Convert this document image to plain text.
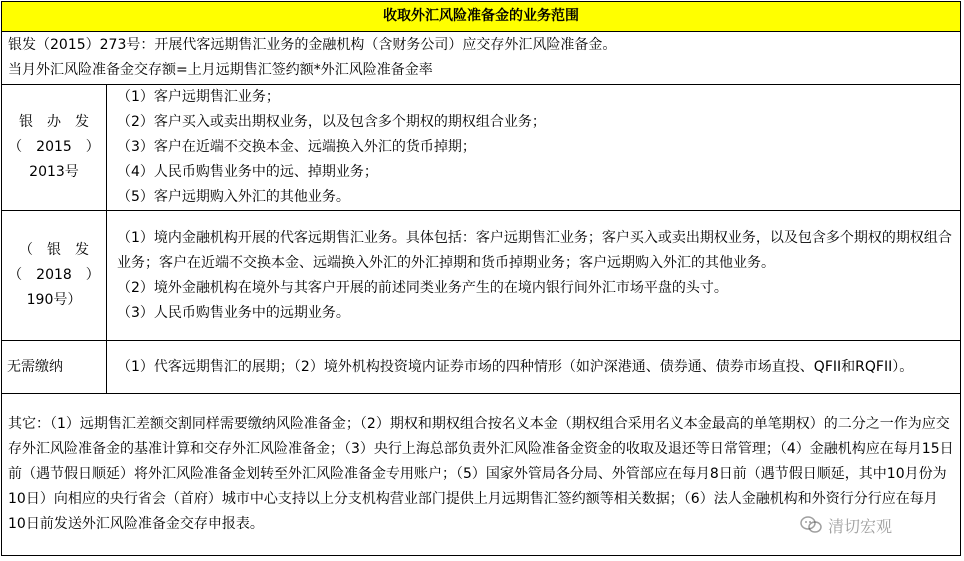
收取外汇风险准备金的业务范围	

银发（2015）273号：开展代客远期售汇业务的金融机构（含财务公司）应交存外汇风险准备金。
当月外汇风险准备金交存额=上月远期售汇签约额*外汇风险准备金率	

银　办　发
（　2015　）
2013号	（1）客户远期售汇业务；
（2）客户买入或卖出期权业务，以及包含多个期权的期权组合业务；
（3）客户在近端不交换本金、远端换入外汇的货币掉期；
（4）人民币购售业务中的远、掉期业务；
（5）客户远期购入外汇的其他业务。

（　银　发
（　2018　）
190号）	（1）境内金融机构开展的代客远期售汇业务。具体包括：客户远期售汇业务；客户买入或卖出期权业务，以及包含多个期权的期权组合业务；客户在近端不交换本金、远端换入外汇的外汇掉期和货币掉期业务；客户远期购入外汇的其他业务。
（2）境外金融机构在境外与其客户开展的前述同类业务产生的在境内银行间外汇市场平盘的头寸。
（3）人民币购售业务中的远期业务。

无需缴纳	（1）代客远期售汇的展期；（2）境外机构投资境内证券市场的四种情形（如沪深港通、债券通、债券市场直投、QFII和RQFII）。

其它：（1）远期售汇差额交割同样需要缴纳风险准备金；（2）期权和期权组合按名义本金（期权组合采用名义本金最高的单笔期权）的二分之一作为应交存外汇风险准备金的基准计算和交存外汇风险准备金；（3）央行上海总部负责外汇风险准备金资金的收取及退还等日常管理；（4）金融机构应在每月15日前（遇节假日顺延）将外汇风险准备金划转至外汇风险准备金专用账户；（5）国家外管局各分局、外管部应在每月8日前（遇节假日顺延，其中10月份为10日）向相应的央行省会（首府）城市中心支持以上分支机构营业部门提供上月远期售汇签约额等相关数据；（6）法人金融机构和外资行分行应在每月10日前发送外汇风险准备金交存申报表。		清切宏观
